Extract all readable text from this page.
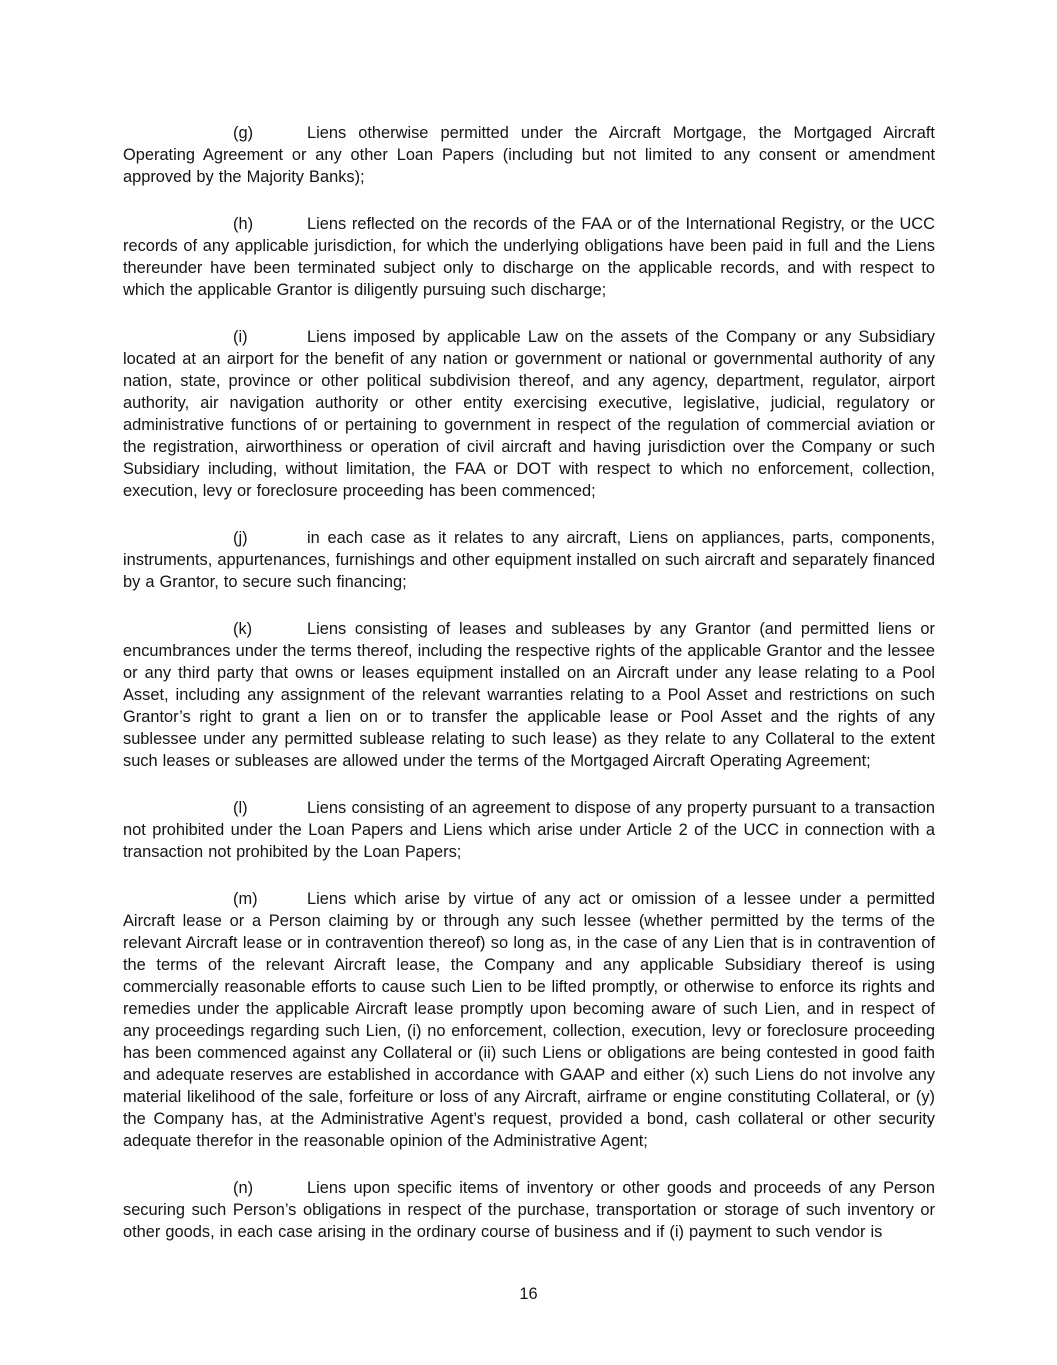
(g)	Liens otherwise permitted under the Aircraft Mortgage, the Mortgaged Aircraft Operating Agreement or any other Loan Papers (including but not limited to any consent or amendment approved by the Majority Banks);

(h)	Liens reflected on the records of the FAA or of the International Registry, or the UCC records of any applicable jurisdiction, for which the underlying obligations have been paid in full and the Liens thereunder have been terminated subject only to discharge on the applicable records, and with respect to which the applicable Grantor is diligently pursuing such discharge;

(i)	Liens imposed by applicable Law on the assets of the Company or any Subsidiary located at an airport for the benefit of any nation or government or national or governmental authority of any nation, state, province or other political subdivision thereof, and any agency, department, regulator, airport authority, air navigation authority or other entity exercising executive, legislative, judicial, regulatory or administrative functions of or pertaining to government in respect of the regulation of commercial aviation or the registration, airworthiness or operation of civil aircraft and having jurisdiction over the Company or such Subsidiary including, without limitation, the FAA or DOT with respect to which no enforcement, collection, execution, levy or foreclosure proceeding has been commenced;

(j)	in each case as it relates to any aircraft, Liens on appliances, parts, components, instruments, appurtenances, furnishings and other equipment installed on such aircraft and separately financed by a Grantor, to secure such financing;

(k)	Liens consisting of leases and subleases by any Grantor (and permitted liens or encumbrances under the terms thereof, including the respective rights of the applicable Grantor and the lessee or any third party that owns or leases equipment installed on an Aircraft under any lease relating to a Pool Asset, including any assignment of the relevant warranties relating to a Pool Asset and restrictions on such Grantor’s right to grant a lien on or to transfer the applicable lease or Pool Asset and the rights of any sublessee under any permitted sublease relating to such lease) as they relate to any Collateral to the extent such leases or subleases are allowed under the terms of the Mortgaged Aircraft Operating Agreement;

(l)	Liens consisting of an agreement to dispose of any property pursuant to a transaction not prohibited under the Loan Papers and Liens which arise under Article 2 of the UCC in connection with a transaction not prohibited by the Loan Papers;

(m)	Liens which arise by virtue of any act or omission of a lessee under a permitted Aircraft lease or a Person claiming by or through any such lessee (whether permitted by the terms of the relevant Aircraft lease or in contravention thereof) so long as, in the case of any Lien that is in contravention of the terms of the relevant Aircraft lease, the Company and any applicable Subsidiary thereof is using commercially reasonable efforts to cause such Lien to be lifted promptly, or otherwise to enforce its rights and remedies under the applicable Aircraft lease promptly upon becoming aware of such Lien, and in respect of any proceedings regarding such Lien, (i) no enforcement, collection, execution, levy or foreclosure proceeding has been commenced against any Collateral or (ii) such Liens or obligations are being contested in good faith and adequate reserves are established in accordance with GAAP and either (x) such Liens do not involve any material likelihood of the sale, forfeiture or loss of any Aircraft, airframe or engine constituting Collateral, or (y) the Company has, at the Administrative Agent’s request, provided a bond, cash collateral or other security adequate therefor in the reasonable opinion of the Administrative Agent;

(n)	Liens upon specific items of inventory or other goods and proceeds of any Person securing such Person’s obligations in respect of the purchase, transportation or storage of such inventory or other goods, in each case arising in the ordinary course of business and if (i) payment to such vendor is

16
